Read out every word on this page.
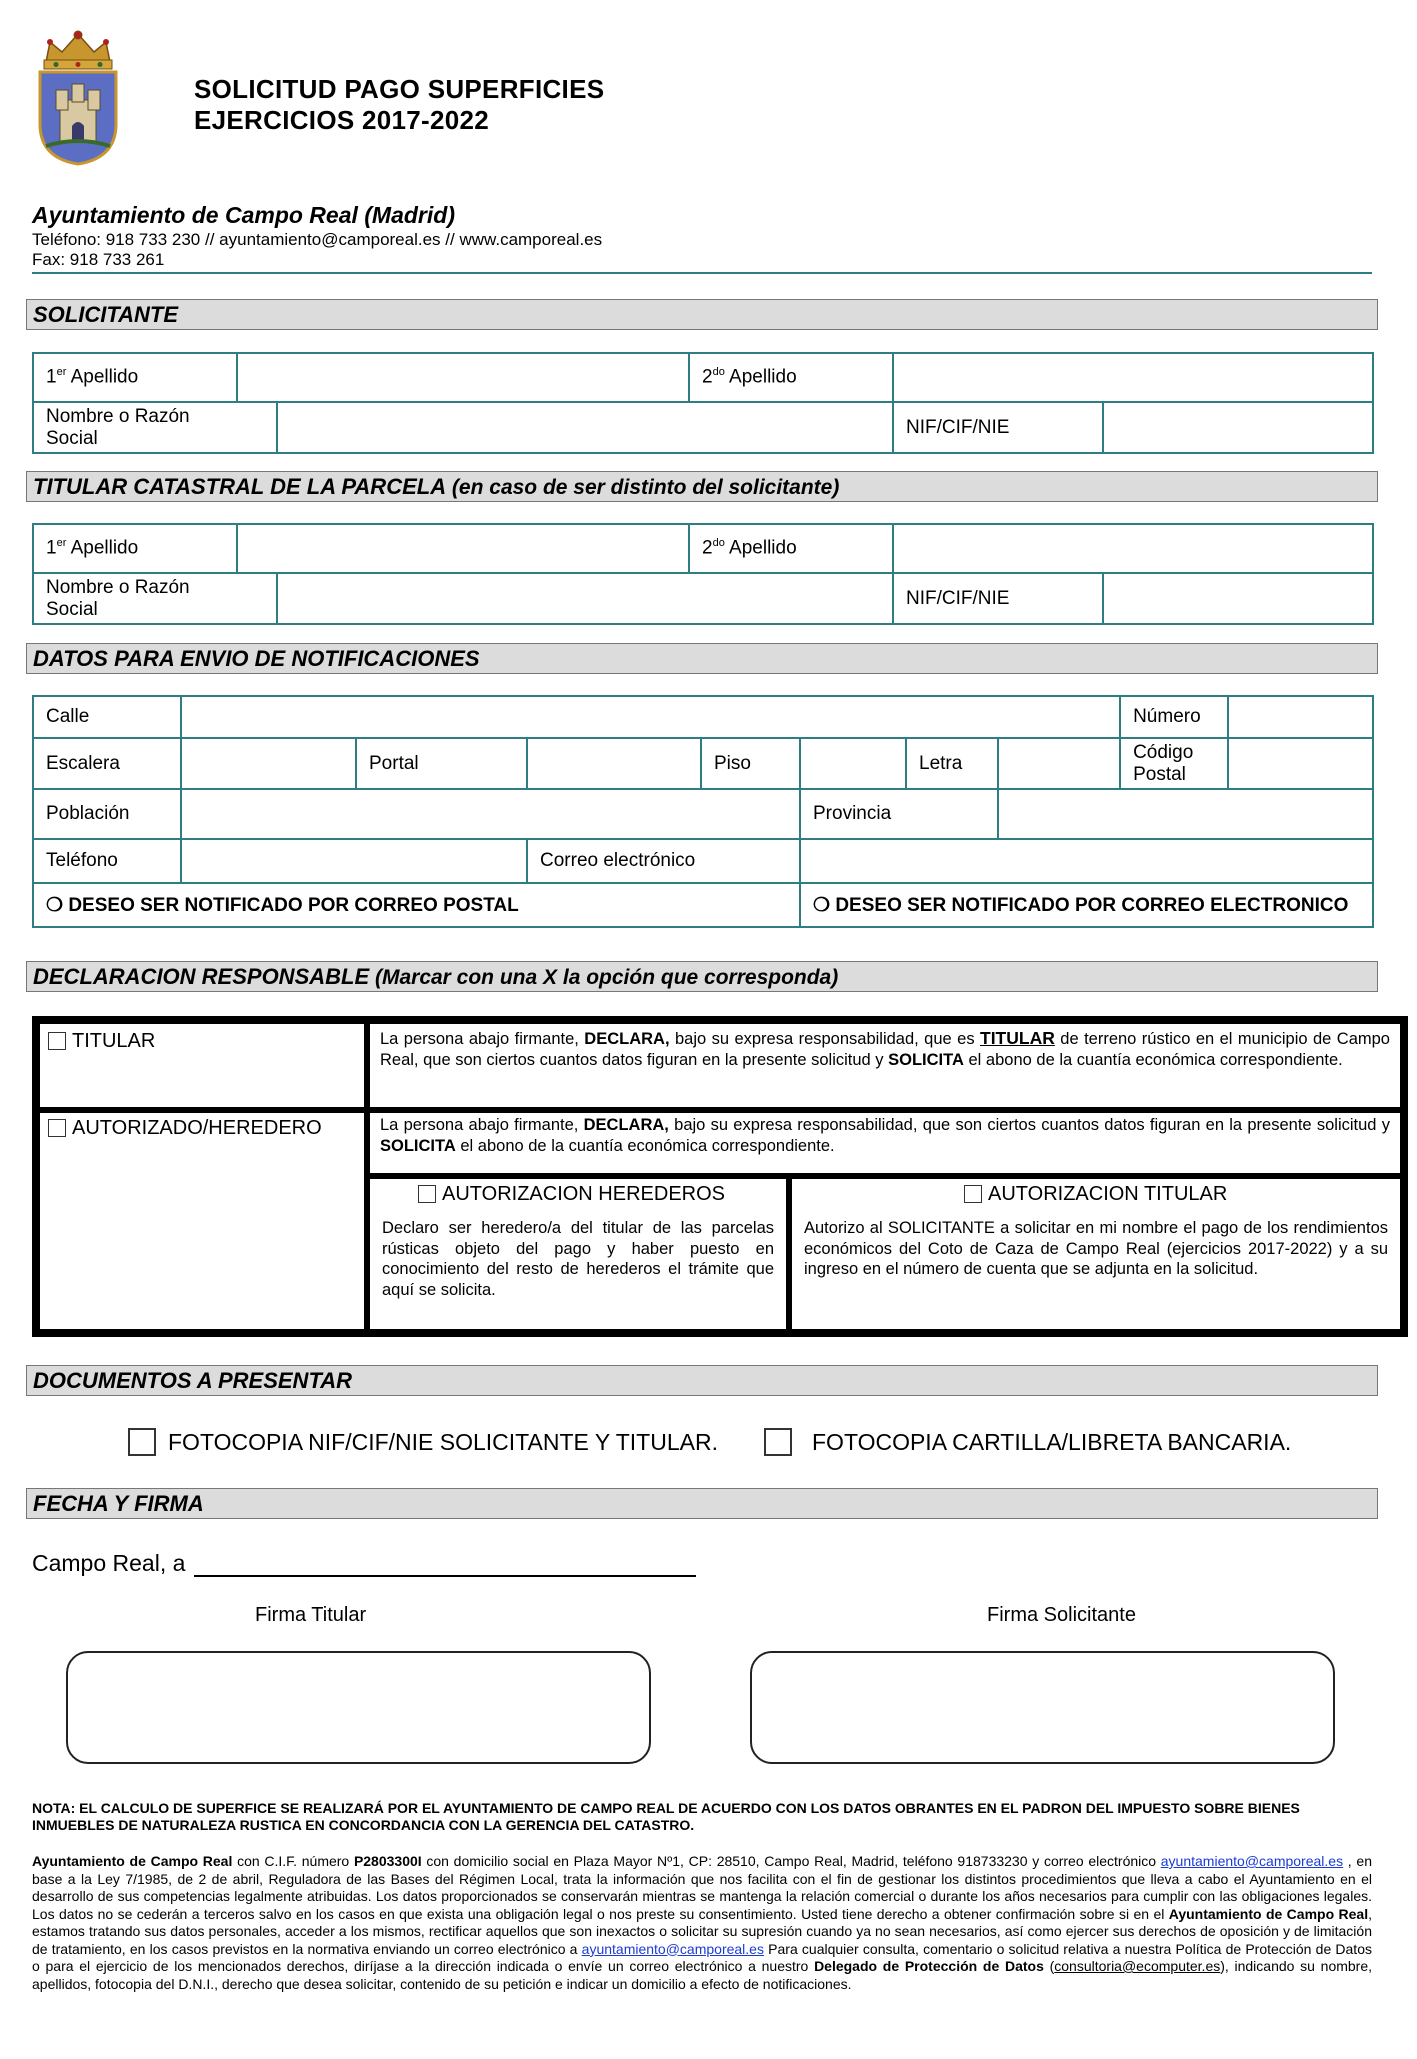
SOLICITUD PAGO SUPERFICIES
EJERCICIOS 2017-2022
Ayuntamiento de Campo Real (Madrid)
Teléfono: 918 733 230 // ayuntamiento@camporeal.es // www.camporeal.es
Fax: 918 733 261
SOLICITANTE
1er Apellido			$2^{do}$ Apellido		

Nombre o Razón
Social				NIF/CIF/NIE	
TITULAR CATASTRAL DE LA PARCELA (en caso de ser distinto del solicitante)
1er Apellido			$2^{do}$ Apellido		

Nombre o Razón
Social				NIF/CIF/NIE	
DATOS PARA ENVIO DE NOTIFICACIONES
Calle								Número	
Escalera		Portal		Piso		Letra		Código
Postal	

Población					Provincia				
Teléfono			Correo electrónico						
❍ DESEO SER NOTIFICADO POR CORREO POSTAL					❍ DESEO SER NOTIFICADO POR CORREO ELECTRONICO				
DECLARACION RESPONSABLE (Marcar con una X la opción que corresponda)
TITULAR	La persona abajo firmante, DECLARA, bajo su expresa responsabilidad, que es TITULAR de terreno rústico en el municipio de Campo Real, que son ciertos cuantos datos figuran en la presente solicitud y SOLICITA el abono de la cuantía económica correspondiente.
AUTORIZADO/HEREDERO	La persona abajo firmante, DECLARA, bajo su expresa responsabilidad, que son ciertos cuantos datos figuran en la presente solicitud y SOLICITA el abono de la cuantía económica correspondiente.
AUTORIZACION HEREDEROS
Declaro ser heredero/a del titular de las parcelas rústicas objeto del pago y haber puesto en conocimiento del resto de herederos el trámite que aquí se solicita.
AUTORIZACION TITULAR
Autorizo al SOLICITANTE a solicitar en mi nombre el pago de los rendimientos económicos del Coto de Caza de Campo Real (ejercicios 2017-2022) y a su ingreso en el número de cuenta que se adjunta en la solicitud.
DOCUMENTOS A PRESENTAR
FOTOCOPIA NIF/CIF/NIE SOLICITANTE Y TITULAR.	FOTOCOPIA CARTILLA/LIBRETA BANCARIA.
FECHA Y FIRMA
Campo Real, a
Firma Titular	Firma Solicitante
NOTA: EL CALCULO DE SUPERFICE SE REALIZARÁ POR EL AYUNTAMIENTO DE CAMPO REAL DE ACUERDO CON LOS DATOS OBRANTES EN EL PADRON DEL IMPUESTO SOBRE BIENES INMUEBLES DE NATURALEZA RUSTICA EN CONCORDANCIA CON LA GERENCIA DEL CATASTRO.
Ayuntamiento de Campo Real con C.I.F. número P2803300I con domicilio social en Plaza Mayor Nº1, CP: 28510, Campo Real, Madrid, teléfono 918733230 y correo electrónico ayuntamiento@camporeal.es , en base a la Ley 7/1985, de 2 de abril, Reguladora de las Bases del Régimen Local, trata la información que nos facilita con el fin de gestionar los distintos procedimientos que lleva a cabo el Ayuntamiento en el desarrollo de sus competencias legalmente atribuidas. Los datos proporcionados se conservarán mientras se mantenga la relación comercial o durante los años necesarios para cumplir con las obligaciones legales. Los datos no se cederán a terceros salvo en los casos en que exista una obligación legal o nos preste su consentimiento. Usted tiene derecho a obtener confirmación sobre si en el Ayuntamiento de Campo Real, estamos tratando sus datos personales, acceder a los mismos, rectificar aquellos que son inexactos o solicitar su supresión cuando ya no sean necesarios, así como ejercer sus derechos de oposición y de limitación de tratamiento, en los casos previstos en la normativa enviando un correo electrónico a ayuntamiento@camporeal.es Para cualquier consulta, comentario o solicitud relativa a nuestra Política de Protección de Datos o para el ejercicio de los mencionados derechos, diríjase a la dirección indicada o envíe un correo electrónico a nuestro Delegado de Protección de Datos (consultoria@ecomputer.es), indicando su nombre, apellidos, fotocopia del D.N.I., derecho que desea solicitar, contenido de su petición e indicar un domicilio a efecto de notificaciones.
